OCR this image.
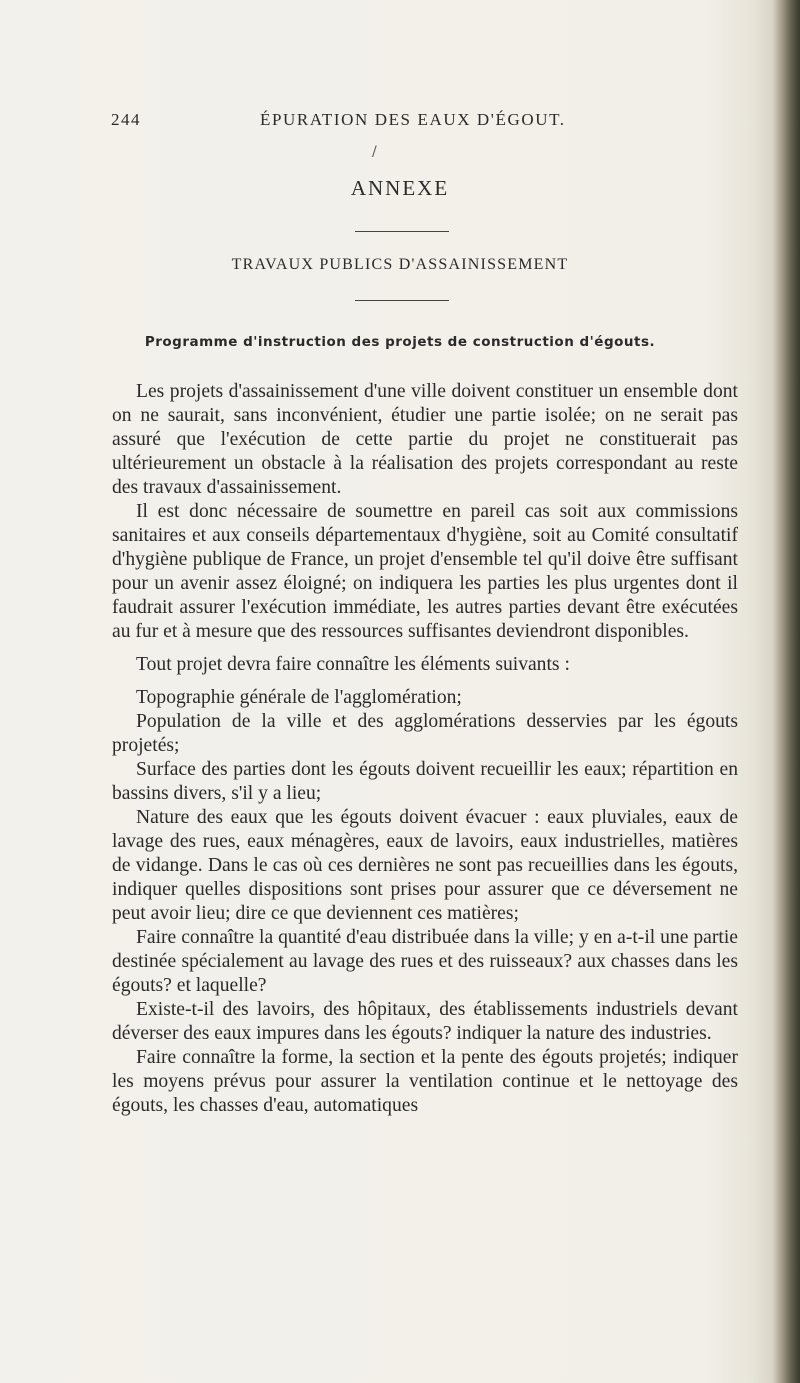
244	ÉPURATION DES EAUX D'ÉGOUT.
/
ANNEXE
TRAVAUX PUBLICS D'ASSAINISSEMENT
Programme d'instruction des projets de construction d'égouts.

Les projets d'assainissement d'une ville doivent constituer un ensemble dont on ne saurait, sans inconvénient, étudier une partie isolée; on ne serait pas assuré que l'exécution de cette partie du projet ne constituerait pas ultérieurement un obstacle à la réalisation des projets correspondant au reste des travaux d'assainissement.

Il est donc nécessaire de soumettre en pareil cas soit aux commissions sanitaires et aux conseils départementaux d'hygiène, soit au Comité consultatif d'hygiène publique de France, un projet d'ensemble tel qu'il doive être suffisant pour un avenir assez éloigné; on indiquera les parties les plus urgentes dont il faudrait assurer l'exécution immédiate, les autres parties devant être exécutées au fur et à mesure que des ressources suffisantes deviendront disponibles.

Tout projet devra faire connaître les éléments suivants :

Topographie générale de l'agglomération;

Population de la ville et des agglomérations desservies par les égouts projetés;

Surface des parties dont les égouts doivent recueillir les eaux; répartition en bassins divers, s'il y a lieu;

Nature des eaux que les égouts doivent évacuer : eaux pluviales, eaux de lavage des rues, eaux ménagères, eaux de lavoirs, eaux industrielles, matières de vidange. Dans le cas où ces dernières ne sont pas recueillies dans les égouts, indiquer quelles dispositions sont prises pour assurer que ce déversement ne peut avoir lieu; dire ce que deviennent ces matières;

Faire connaître la quantité d'eau distribuée dans la ville; y en a-t-il une partie destinée spécialement au lavage des rues et des ruisseaux? aux chasses dans les égouts? et laquelle?

Existe-t-il des lavoirs, des hôpitaux, des établissements industriels devant déverser des eaux impures dans les égouts? indiquer la nature des industries.

Faire connaître la forme, la section et la pente des égouts projetés; indiquer les moyens prévus pour assurer la ventilation continue et le nettoyage des égouts, les chasses d'eau, automatiques
